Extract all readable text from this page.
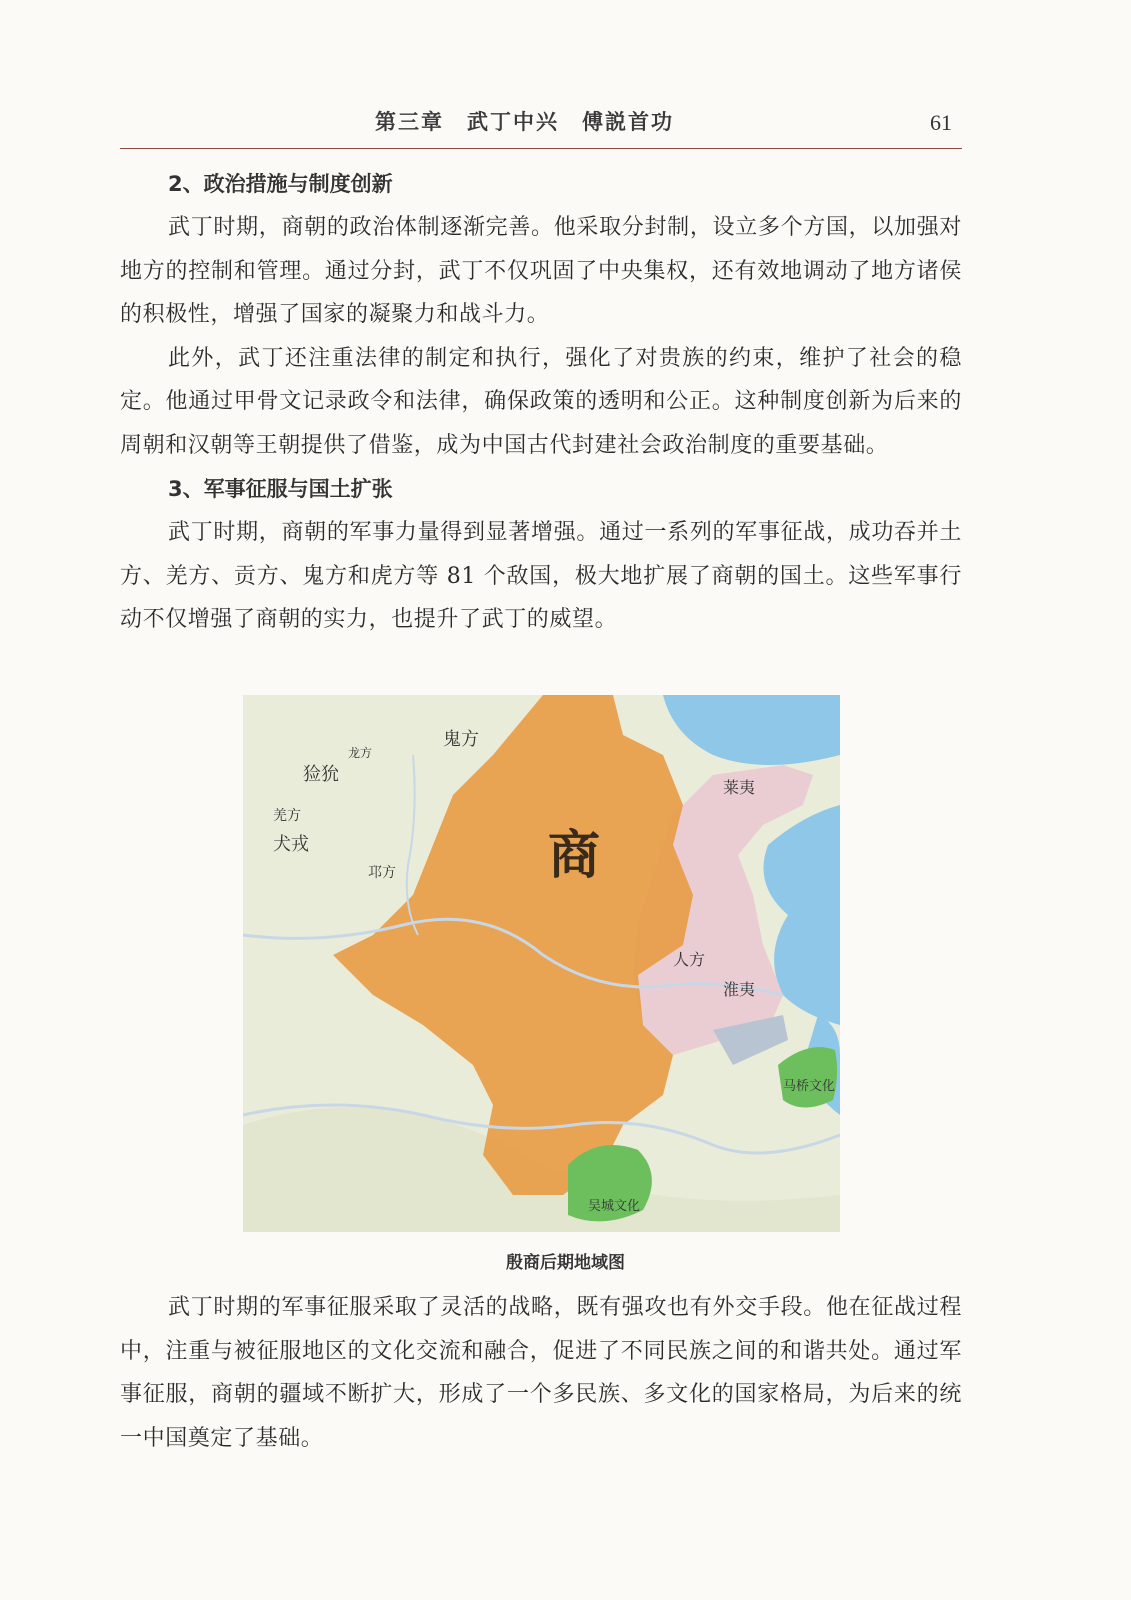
第三章　武丁中兴　傅説首功	61
2、政治措施与制度创新

武丁时期，商朝的政治体制逐渐完善。他采取分封制，设立多个方国，以加强对地方的控制和管理。通过分封，武丁不仅巩固了中央集权，还有效地调动了地方诸侯的积极性，增强了国家的凝聚力和战斗力。

此外，武丁还注重法律的制定和执行，强化了对贵族的约束，维护了社会的稳定。他通过甲骨文记录政令和法律，确保政策的透明和公正。这种制度创新为后来的周朝和汉朝等王朝提供了借鉴，成为中国古代封建社会政治制度的重要基础。

3、军事征服与国土扩张

武丁时期，商朝的军事力量得到显著增强。通过一系列的军事征战，成功吞并土方、羌方、贡方、鬼方和虎方等 81 个敌国，极大地扩展了商朝的国土。这些军事行动不仅增强了商朝的实力，也提升了武丁的威望。

商
鬼方
猃狁
羌方
犬戎
莱夷
人方
淮夷
马桥文化
吴城文化
邛方
龙方
殷商后期地域图

武丁时期的军事征服采取了灵活的战略，既有强攻也有外交手段。他在征战过程中，注重与被征服地区的文化交流和融合，促进了不同民族之间的和谐共处。通过军事征服，商朝的疆域不断扩大，形成了一个多民族、多文化的国家格局，为后来的统一中国奠定了基础。
